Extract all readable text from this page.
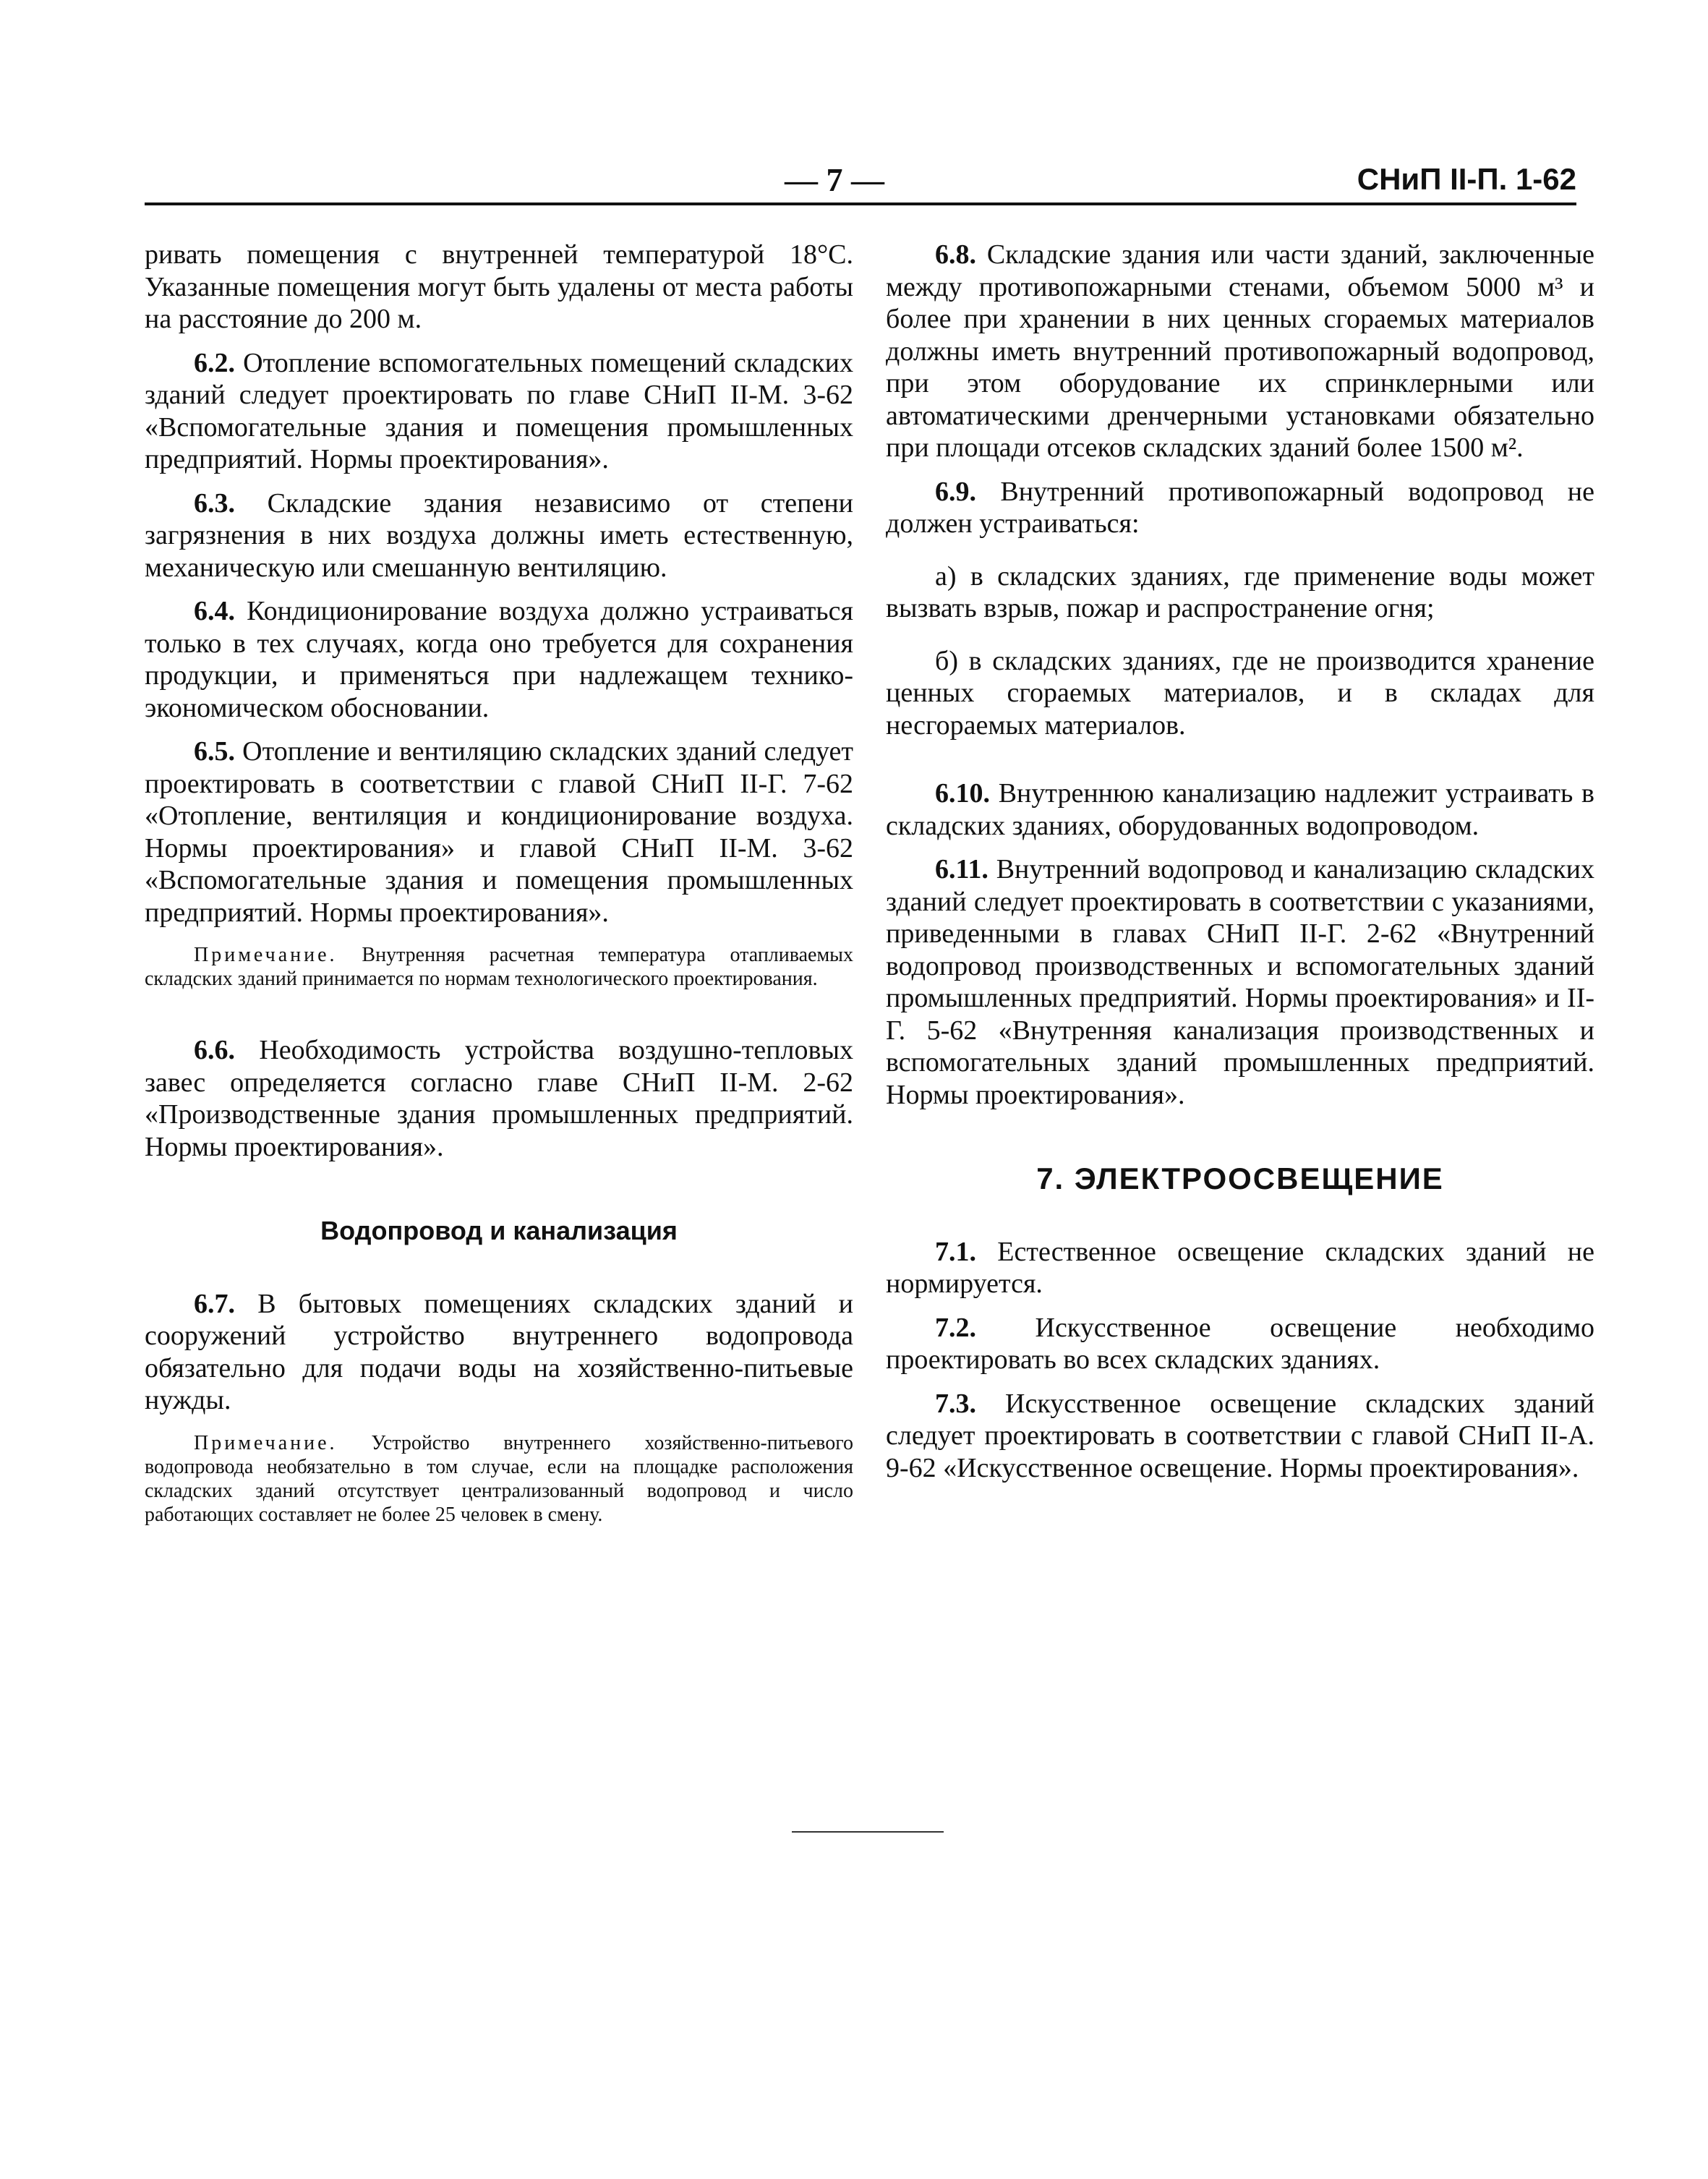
— 7 —	СНиП II-П. 1-62

ривать помещения с внутренней температурой 18°С. Указанные помещения могут быть удалены от места работы на расстояние до 200 м.

6.2. Отопление вспомогательных помещений складских зданий следует проектировать по главе СНиП II-М. 3-62 «Вспомогательные здания и помещения промышленных предприятий. Нормы проектирования».

6.3. Складские здания независимо от степени загрязнения в них воздуха должны иметь естественную, механическую или смешанную вентиляцию.

6.4. Кондиционирование воздуха должно устраиваться только в тех случаях, когда оно требуется для сохранения продукции, и применяться при надлежащем технико-экономическом обосновании.

6.5. Отопление и вентиляцию складских зданий следует проектировать в соответствии с главой СНиП II-Г. 7-62 «Отопление, вентиляция и кондиционирование воздуха. Нормы проектирования» и главой СНиП II-М. 3-62 «Вспомогательные здания и помещения промышленных предприятий. Нормы проектирования».

Примечание. Внутренняя расчетная температура отапливаемых складских зданий принимается по нормам технологического проектирования.

6.6. Необходимость устройства воздушно-тепловых завес определяется согласно главе СНиП II-М. 2-62 «Производственные здания промышленных предприятий. Нормы проектирования».

Водопровод и канализация

6.7. В бытовых помещениях складских зданий и сооружений устройство внутреннего водопровода обязательно для подачи воды на хозяйственно-питьевые нужды.

Примечание. Устройство внутреннего хозяйственно-питьевого водопровода необязательно в том случае, если на площадке расположения складских зданий отсутствует централизованный водопровод и число работающих составляет не более 25 человек в смену.

6.8. Складские здания или части зданий, заключенные между противопожарными стенами, объемом 5000 м³ и более при хранении в них ценных сгораемых материалов должны иметь внутренний противопожарный водопровод, при этом оборудование их спринклерными или автоматическими дренчерными установками обязательно при площади отсеков складских зданий более 1500 м².

6.9. Внутренний противопожарный водопровод не должен устраиваться:

а) в складских зданиях, где применение воды может вызвать взрыв, пожар и распространение огня;

б) в складских зданиях, где не производится хранение ценных сгораемых материалов, и в складах для несгораемых материалов.

6.10. Внутреннюю канализацию надлежит устраивать в складских зданиях, оборудованных водопроводом.

6.11. Внутренний водопровод и канализацию складских зданий следует проектировать в соответствии с указаниями, приведенными в главах СНиП II-Г. 2-62 «Внутренний водопровод производственных и вспомогательных зданий промышленных предприятий. Нормы проектирования» и II-Г. 5-62 «Внутренняя канализация производственных и вспомогательных зданий промышленных предприятий. Нормы проектирования».

7. ЭЛЕКТРООСВЕЩЕНИЕ

7.1. Естественное освещение складских зданий не нормируется.

7.2. Искусственное освещение необходимо проектировать во всех складских зданиях.

7.3. Искусственное освещение складских зданий следует проектировать в соответствии с главой СНиП II-А. 9-62 «Искусственное освещение. Нормы проектирования».
